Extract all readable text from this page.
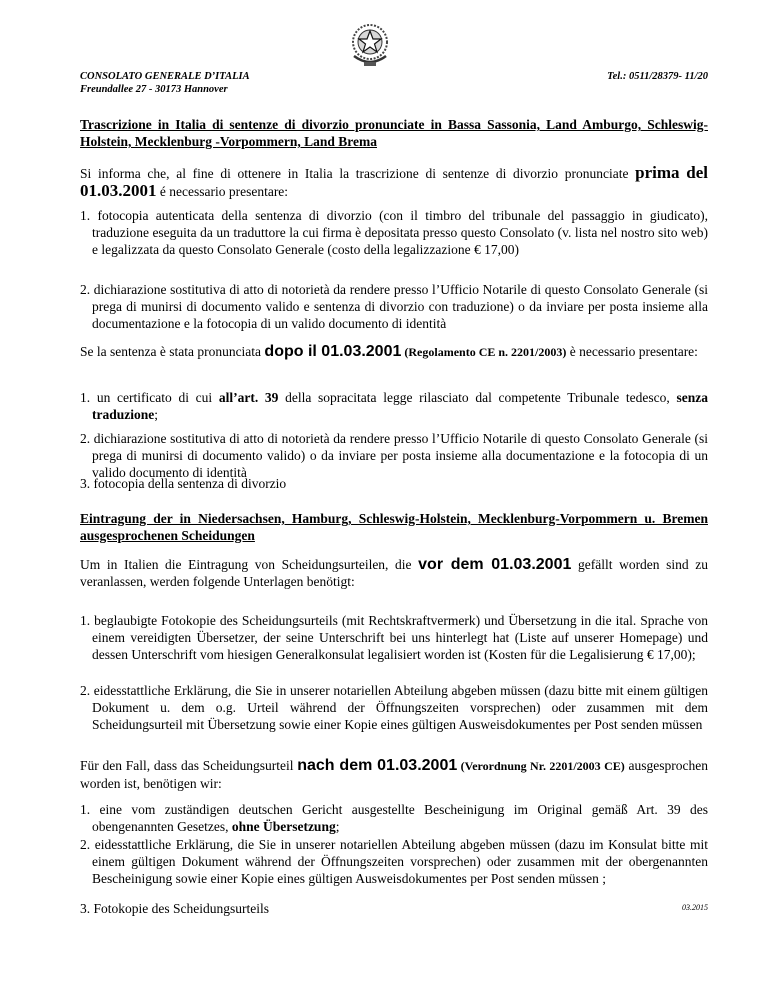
CONSOLATO GENERALE D’ITALIA
Freundallee 27 - 30173 Hannover
Tel.: 0511/28379- 11/20
Trascrizione in Italia di sentenze di divorzio pronunciate in Bassa Sassonia, Land Amburgo, Schleswig-Holstein, Mecklenburg -Vorpommern, Land Brema
Si informa che, al fine di ottenere in Italia la trascrizione di sentenze di divorzio pronunciate prima del 01.03.2001 é necessario presentare:
1. fotocopia autenticata della sentenza di divorzio (con il timbro del tribunale del passaggio in giudicato), traduzione eseguita da un traduttore la cui firma è depositata presso questo Consolato (v. lista nel nostro sito web) e legalizzata da questo Consolato Generale (costo della legalizzazione € 17,00)
2. dichiarazione sostitutiva di atto di notorietà da rendere presso l’Ufficio Notarile di questo Consolato Generale (si prega di munirsi di documento valido e sentenza di divorzio con traduzione) o da inviare per posta insieme alla documentazione e la fotocopia di un valido documento di identità
Se la sentenza è stata pronunciata dopo il 01.03.2001 (Regolamento CE n. 2201/2003) è necessario presentare:
1. un certificato di cui all’art. 39 della sopracitata legge rilasciato dal competente Tribunale tedesco, senza traduzione;
2. dichiarazione sostitutiva di atto di notorietà da rendere presso l’Ufficio Notarile di questo Consolato Generale (si prega di munirsi di documento valido) o da inviare per posta insieme alla documentazione e la fotocopia di un valido documento di identità
3. fotocopia della sentenza di divorzio
Eintragung der in Niedersachsen, Hamburg, Schleswig-Holstein, Mecklenburg-Vorpommern u. Bremen ausgesprochenen Scheidungen
Um in Italien die Eintragung von Scheidungsurteilen, die vor dem 01.03.2001 gefällt worden sind zu veranlassen, werden folgende Unterlagen benötigt:
1. beglaubigte Fotokopie des Scheidungsurteils (mit Rechtskraftvermerk) und Übersetzung in die ital. Sprache von einem vereidigten Übersetzer, der seine Unterschrift bei uns hinterlegt hat (Liste auf unserer Homepage) und dessen Unterschrift vom hiesigen Generalkonsulat legalisiert worden ist (Kosten für die Legalisierung € 17,00);
2. eidesstattliche Erklärung, die Sie in unserer notariellen Abteilung abgeben müssen (dazu bitte mit einem gültigen Dokument u. dem o.g. Urteil während der Öffnungszeiten vorsprechen) oder zusammen mit dem Scheidungsurteil mit Übersetzung sowie einer Kopie eines gültigen Ausweisdokumentes per Post senden müssen
Für den Fall, dass das Scheidungsurteil nach dem 01.03.2001 (Verordnung Nr. 2201/2003 CE) ausgesprochen worden ist, benötigen wir:
1. eine vom zuständigen deutschen Gericht ausgestellte Bescheinigung im Original gemäß Art. 39 des obengenannten Gesetzes, ohne Übersetzung;
2. eidesstattliche Erklärung, die Sie in unserer notariellen Abteilung abgeben müssen (dazu im Konsulat bitte mit einem gültigen Dokument während der Öffnungszeiten vorsprechen) oder zusammen mit der obergenannten Bescheinigung sowie einer Kopie eines gültigen Ausweisdokumentes per Post senden müssen ;
3. Fotokopie des Scheidungsurteils	03.2015
